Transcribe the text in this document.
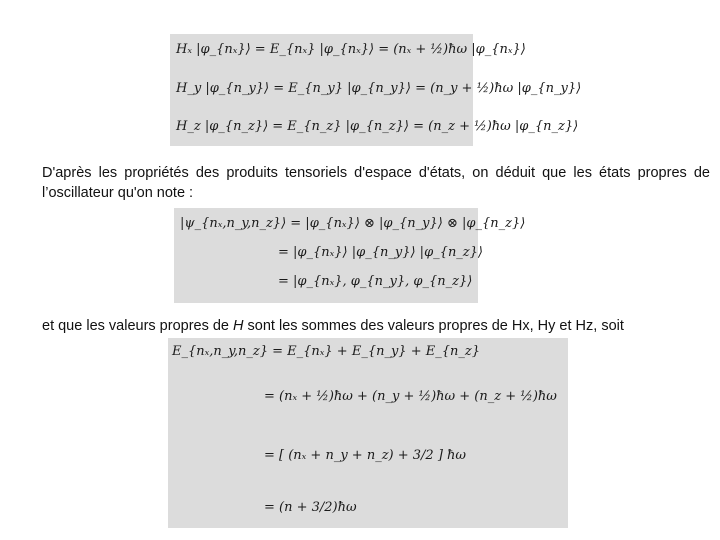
Hₓ |φ_{nₓ}⟩ = E_{nₓ} |φ_{nₓ}⟩ = (nₓ + ½)ħω |φ_{nₓ}⟩
H_y |φ_{n_y}⟩ = E_{n_y} |φ_{n_y}⟩ = (n_y + ½)ħω |φ_{n_y}⟩
H_z |φ_{n_z}⟩ = E_{n_z} |φ_{n_z}⟩ = (n_z + ½)ħω |φ_{n_z}⟩
D'après les propriétés des produits tensoriels d'espace d'états, on déduit que les états propres de l’oscillateur qu'on note :
|ψ_{nₓ,n_y,n_z}⟩ = |φ_{nₓ}⟩ ⊗ |φ_{n_y}⟩ ⊗ |φ_{n_z}⟩
= |φ_{nₓ}⟩ |φ_{n_y}⟩ |φ_{n_z}⟩
= |φ_{nₓ}, φ_{n_y}, φ_{n_z}⟩
et que les valeurs propres de H sont les sommes des valeurs propres de Hx, Hy et Hz, soit
E_{nₓ,n_y,n_z} = E_{nₓ} + E_{n_y} + E_{n_z}
= (nₓ + ½)ħω + (n_y + ½)ħω + (n_z + ½)ħω
= [ (nₓ + n_y + n_z) + 3/2 ] ħω
= (n + 3/2)ħω
